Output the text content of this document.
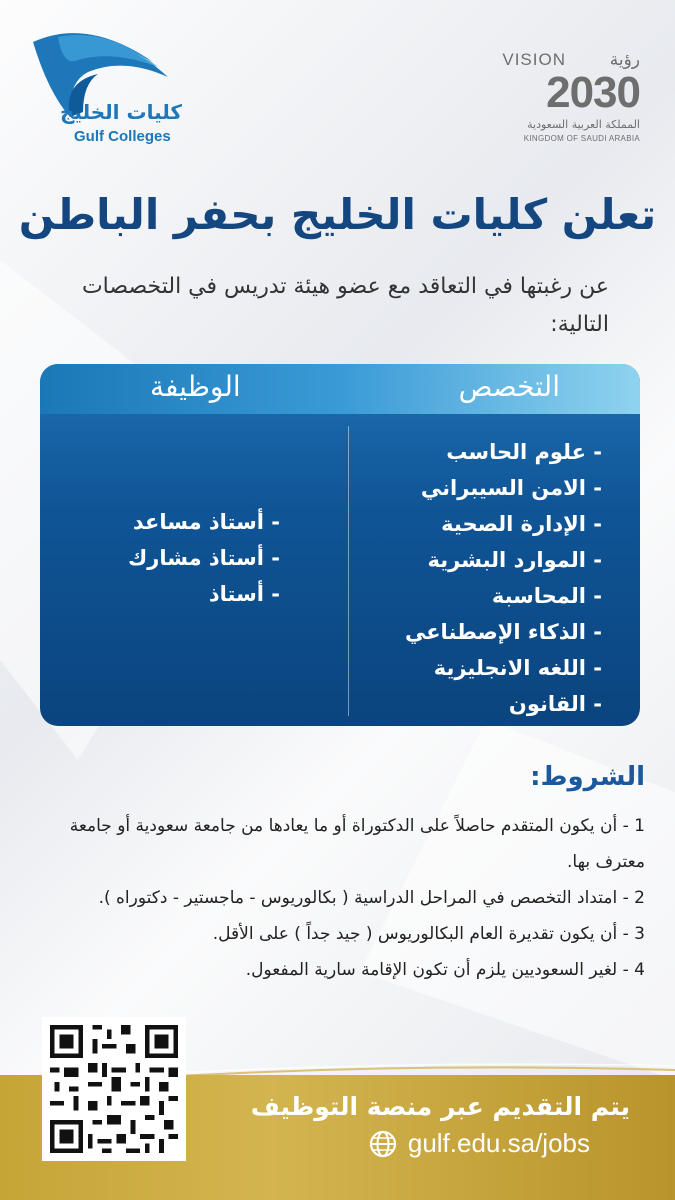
كليات الخليج
Gulf Colleges
VISION	رؤية
2030
المملكة العربية السعودية
KINGDOM OF SAUDI ARABIA
تعلن كليات الخليج بحفر الباطن
عن رغبتها في التعاقد مع عضو هيئة تدريس في التخصصات التالية:
التخصص
الوظيفة
- علوم الحاسب
- الامن السيبراني
- الإدارة الصحية
- الموارد البشرية
- المحاسبة
- الذكاء الإصطناعي
- اللغه الانجليزية
- القانون
- أستاذ مساعد
- أستاذ مشارك
- أستاذ
الشروط:
1 - أن يكون المتقدم حاصلاً على الدكتوراة أو ما يعادها من جامعة سعودية أو جامعة معترف بها.
2 - امتداد التخصص في المراحل الدراسية ( بكالوريوس - ماجستير - دكتوراه ).
3 - أن يكون تقديرة العام البكالوريوس ( جيد جداً ) على الأقل.
4 - لغير السعوديين يلزم أن تكون الإقامة سارية المفعول.
يتم التقديم عبر منصة التوظيف
gulf.edu.sa/jobs
